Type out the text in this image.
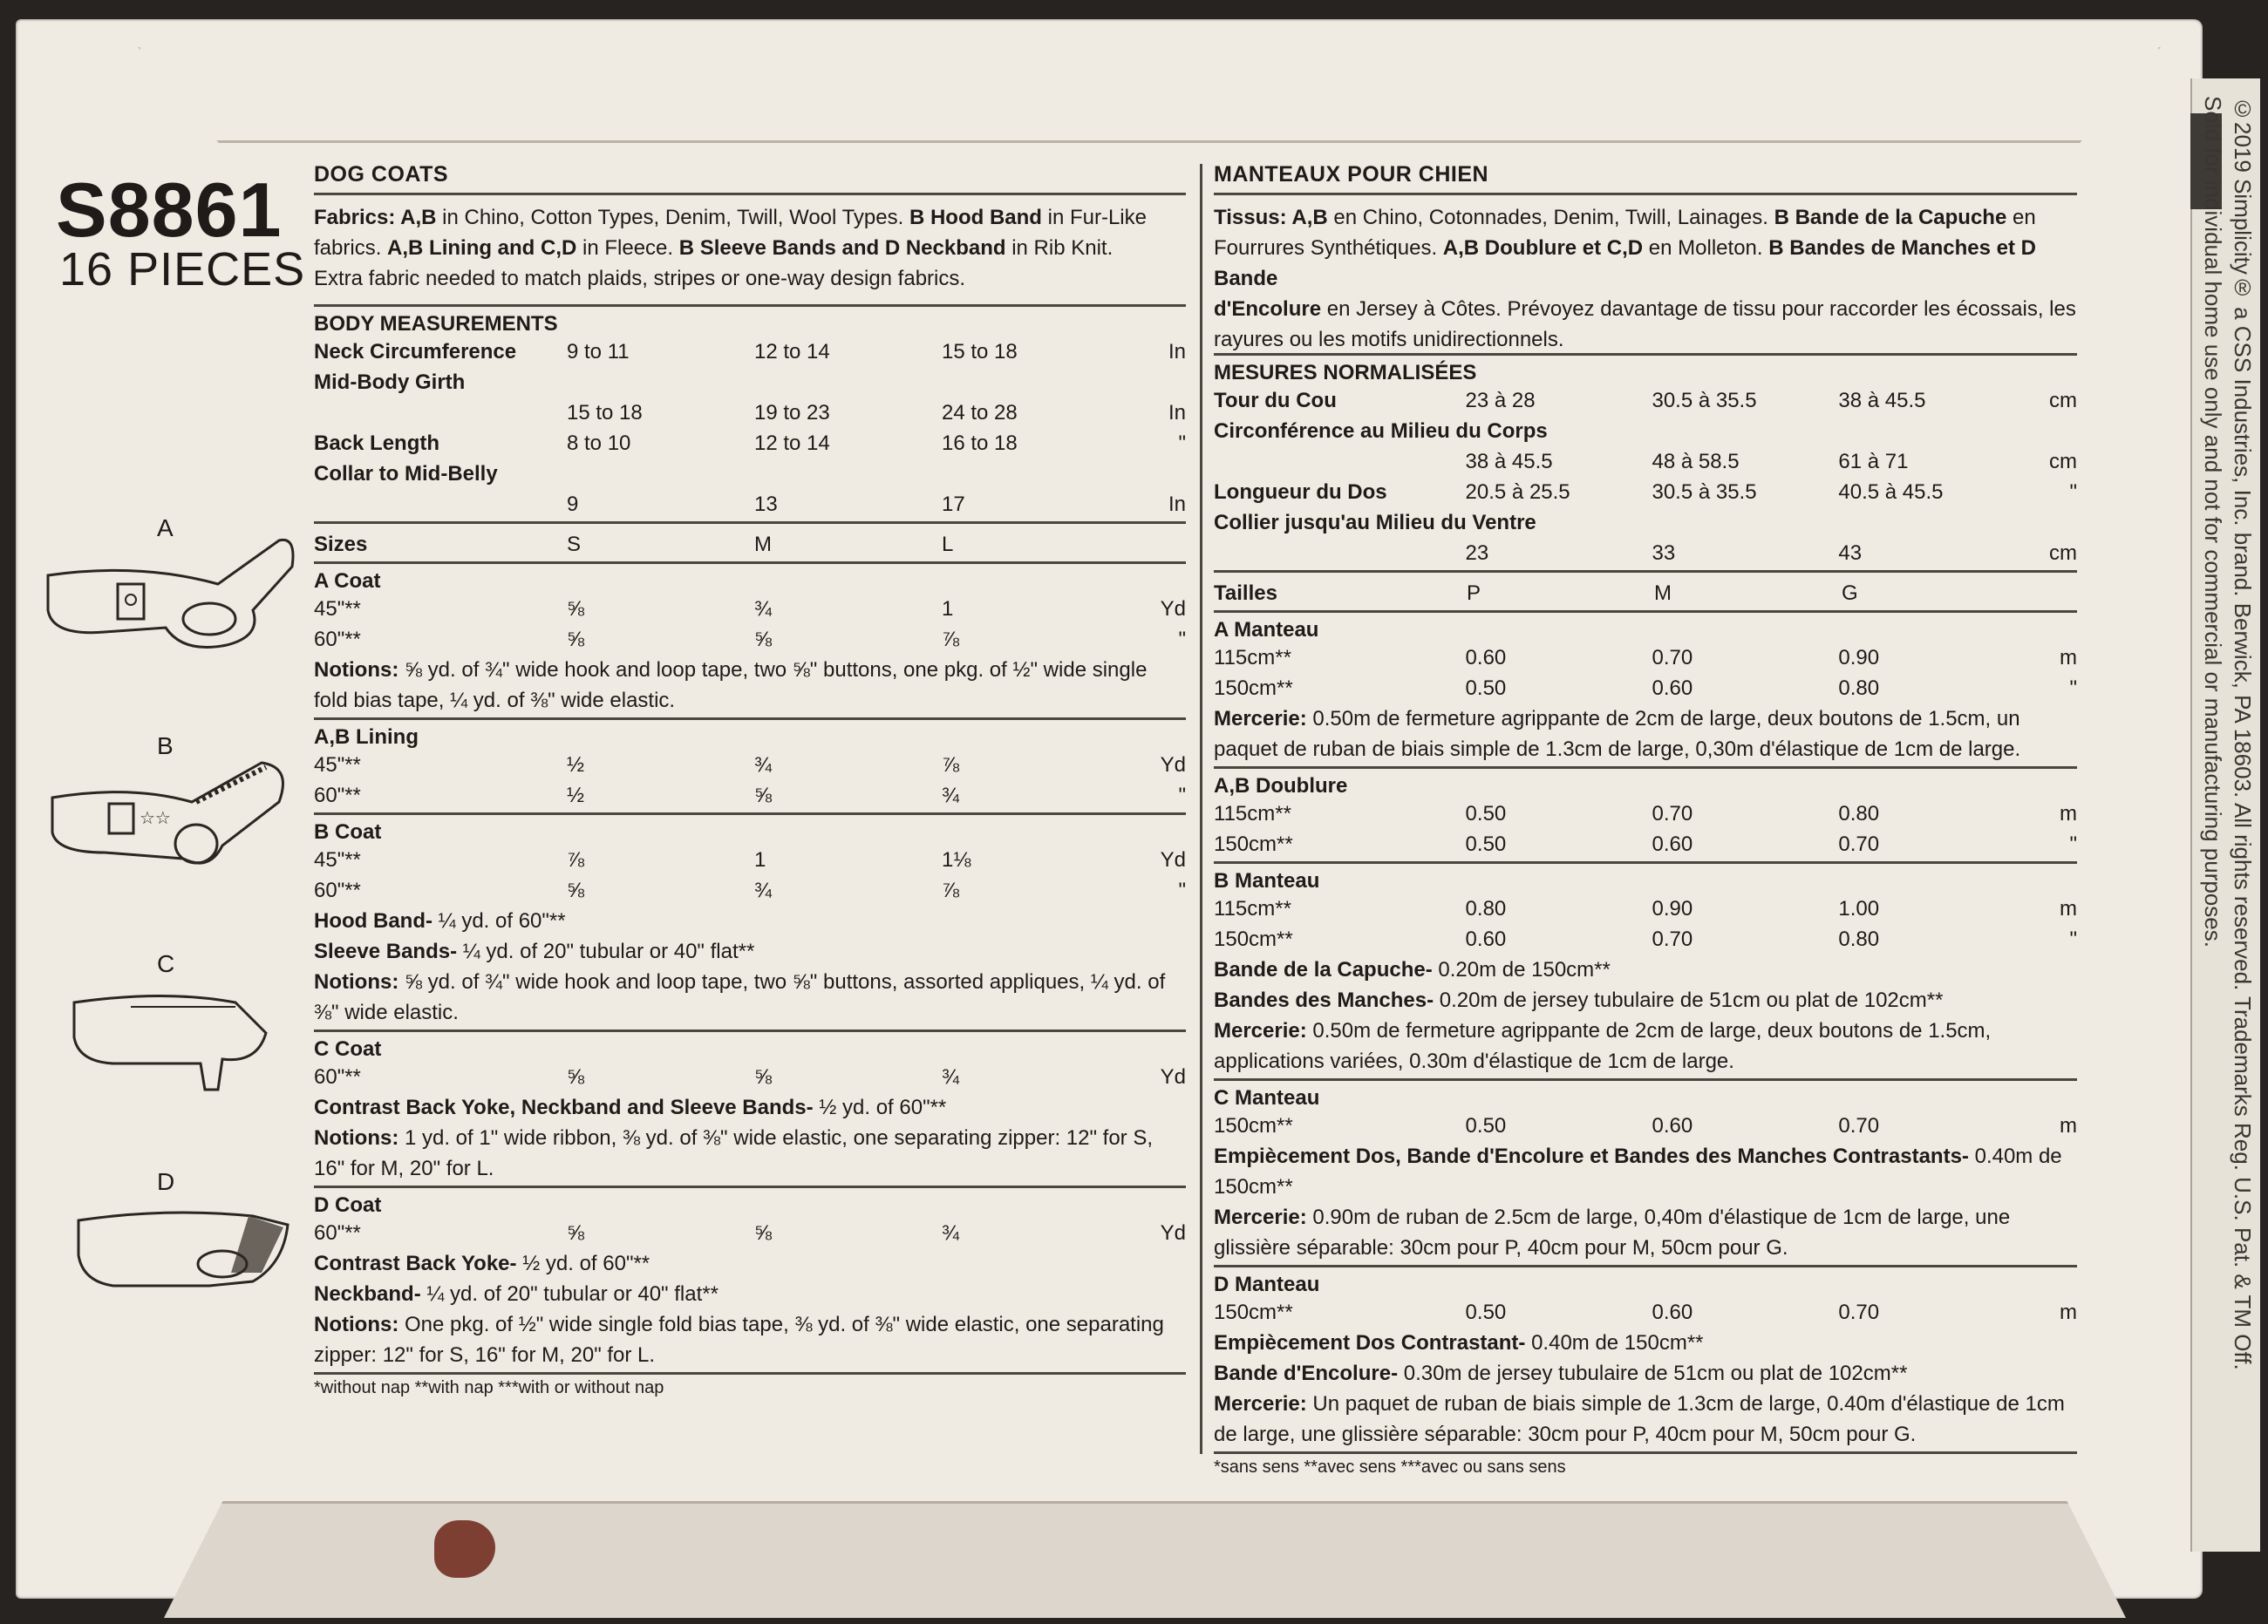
©2019 Simplicity® a CSS Industries, Inc. brand. Berwick, PA 18603. All rights reserved. Trademarks Reg. U.S. Pat. & TM Off. Sold for individual home use only and not for commercial or manufacturing purposes.
S8861
16 PIECES
A
B
☆☆
C
D
DOG COATS
Fabrics: A,B in Chino, Cotton Types, Denim, Twill, Wool Types. B Hood Band in Fur-Like
fabrics. A,B Lining and C,D in Fleece. B Sleeve Bands and D Neckband in Rib Knit.
Extra fabric needed to match plaids, stripes or one-way design fabrics.
BODY MEASUREMENTS
Neck Circumference	9 to 11	12 to 14	15 to 18	In
Mid-Body Girth
15 to 18	19 to 23	24 to 28	In
Back Length	8 to 10	12 to 14	16 to 18	"
Collar to Mid-Belly
9	13	17	In
Sizes	S	M	L
A Coat
45"**	⅝	¾	1	Yd
60"**	⅝	⅝	⅞	"
Notions: ⅝ yd. of ¾" wide hook and loop tape, two ⅝" buttons, one pkg. of ½" wide single fold bias tape, ¼ yd. of ⅜" wide elastic.
A,B Lining
45"**	½	¾	⅞	Yd
60"**	½	⅝	¾	"
B Coat
45"**	⅞	1	1⅛	Yd
60"**	⅝	¾	⅞	"
Hood Band- ¼ yd. of 60"**
Sleeve Bands- ¼ yd. of 20" tubular or 40" flat**
Notions: ⅝ yd. of ¾" wide hook and loop tape, two ⅝" buttons, assorted appliques, ¼ yd. of ⅜" wide elastic.
C Coat
60"**	⅝	⅝	¾	Yd
Contrast Back Yoke, Neckband and Sleeve Bands- ½ yd. of 60"**
Notions: 1 yd. of 1" wide ribbon, ⅜ yd. of ⅜" wide elastic, one separating zipper: 12" for S, 16" for M, 20" for L.
D Coat
60"**	⅝	⅝	¾	Yd
Contrast Back Yoke- ½ yd. of 60"**
Neckband- ¼ yd. of 20" tubular or 40" flat**
Notions: One pkg. of ½" wide single fold bias tape, ⅜ yd. of ⅜" wide elastic, one separating zipper: 12" for S, 16" for M, 20" for L.
*without nap **with nap ***with or without nap
MANTEAUX POUR CHIEN
Tissus: A,B en Chino, Cotonnades, Denim, Twill, Lainages. B Bande de la Capuche en
Fourrures Synthétiques. A,B Doublure et C,D en Molleton. B Bandes de Manches et D Bande
d'Encolure en Jersey à Côtes. Prévoyez davantage de tissu pour raccorder les écossais, les
rayures ou les motifs unidirectionnels.
MESURES NORMALISÉES
Tour du Cou	23 à 28	30.5 à 35.5	38 à 45.5	cm
Circonférence au Milieu du Corps
38 à 45.5	48 à 58.5	61 à 71	cm
Longueur du Dos	20.5 à 25.5	30.5 à 35.5	40.5 à 45.5	"
Collier jusqu'au Milieu du Ventre
23	33	43	cm
Tailles	P	M	G
A Manteau
115cm**	0.60	0.70	0.90	m
150cm**	0.50	0.60	0.80	"
Mercerie: 0.50m de fermeture agrippante de 2cm de large, deux boutons de 1.5cm, un paquet de ruban de biais simple de 1.3cm de large, 0,30m d'élastique de 1cm de large.
A,B Doublure
115cm**	0.50	0.70	0.80	m
150cm**	0.50	0.60	0.70	"
B Manteau
115cm**	0.80	0.90	1.00	m
150cm**	0.60	0.70	0.80	"
Bande de la Capuche- 0.20m de 150cm**
Bandes des Manches- 0.20m de jersey tubulaire de 51cm ou plat de 102cm**
Mercerie: 0.50m de fermeture agrippante de 2cm de large, deux boutons de 1.5cm, applications variées, 0.30m d'élastique de 1cm de large.
C Manteau
150cm**	0.50	0.60	0.70	m
Empiècement Dos, Bande d'Encolure et Bandes des Manches Contrastants- 0.40m de 150cm**
Mercerie: 0.90m de ruban de 2.5cm de large, 0,40m d'élastique de 1cm de large, une glissière séparable: 30cm pour P, 40cm pour M, 50cm pour G.
D Manteau
150cm**	0.50	0.60	0.70	m
Empiècement Dos Contrastant- 0.40m de 150cm**
Bande d'Encolure- 0.30m de jersey tubulaire de 51cm ou plat de 102cm**
Mercerie: Un paquet de ruban de biais simple de 1.3cm de large, 0.40m d'élastique de 1cm de large, une glissière séparable: 30cm pour P, 40cm pour M, 50cm pour G.
*sans sens **avec sens ***avec ou sans sens
